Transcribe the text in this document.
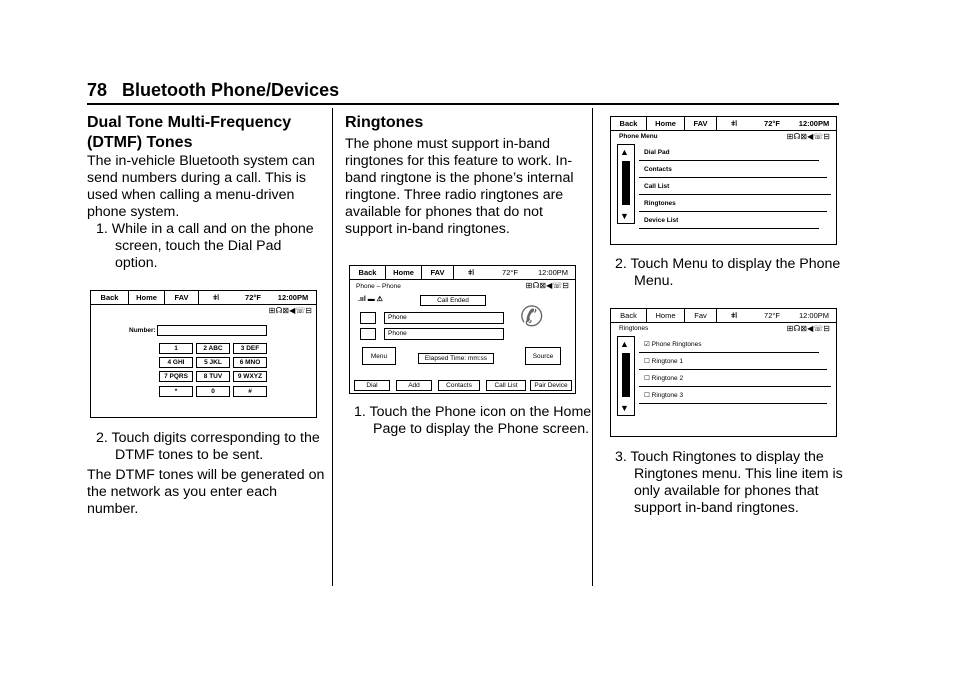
78 Bluetooth Phone/Devices
Dual Tone Multi-Frequency (DTMF) Tones
The in-vehicle Bluetooth system can send numbers during a call. This is used when calling a menu-driven phone system.
1. While in a call and on the phone screen, touch the Dial Pad option.
Back	Home	FAV	ǂ⦚	72°F	12:00PM
⊞☊⊠◀☏⊟
Number:
1	2 ABC	3 DEF
4 GHI	5 JKL	6 MNO
7 PQRS	8 TUV	9 WXYZ
*	0	#
2. Touch digits corresponding to the DTMF tones to be sent.
The DTMF tones will be generated on the network as you enter each number.
Ringtones
The phone must support in-band ringtones for this feature to work. In-band ringtone is the phone’s internal ringtone. Three radio ringtones are available for phones that do not support in-band ringtones.
Back	Home	FAV	ǂ⦚	72°F	12:00PM
Phone – Phone	⊞☊⊠◀☏⊟
.ııl ▬ ⚠	Call Ended
Phone
Phone
✆
Menu	Elapsed Time: mm:ss	Source
Dial	Add	Contacts	Call List	Pair Device
1. Touch the Phone icon on the Home Page to display the Phone screen.
Back	Home	FAV	ǂ⦚	72°F	12:00PM
Phone Menu	⊞☊⊠◀☏⊟
▲
▼
Dial Pad
Contacts
Call List
Ringtones
Device List
2. Touch Menu to display the Phone Menu.
Back	Home	Fav	ǂ⦚	72°F	12:00PM
Ringtones	⊞☊⊠◀☏⊟
▲
▼
☑ Phone Ringtones
☐ Ringtone 1
☐ Ringtone 2
☐ Ringtone 3
3. Touch Ringtones to display the Ringtones menu. This line item is only available for phones that support in-band ringtones.
